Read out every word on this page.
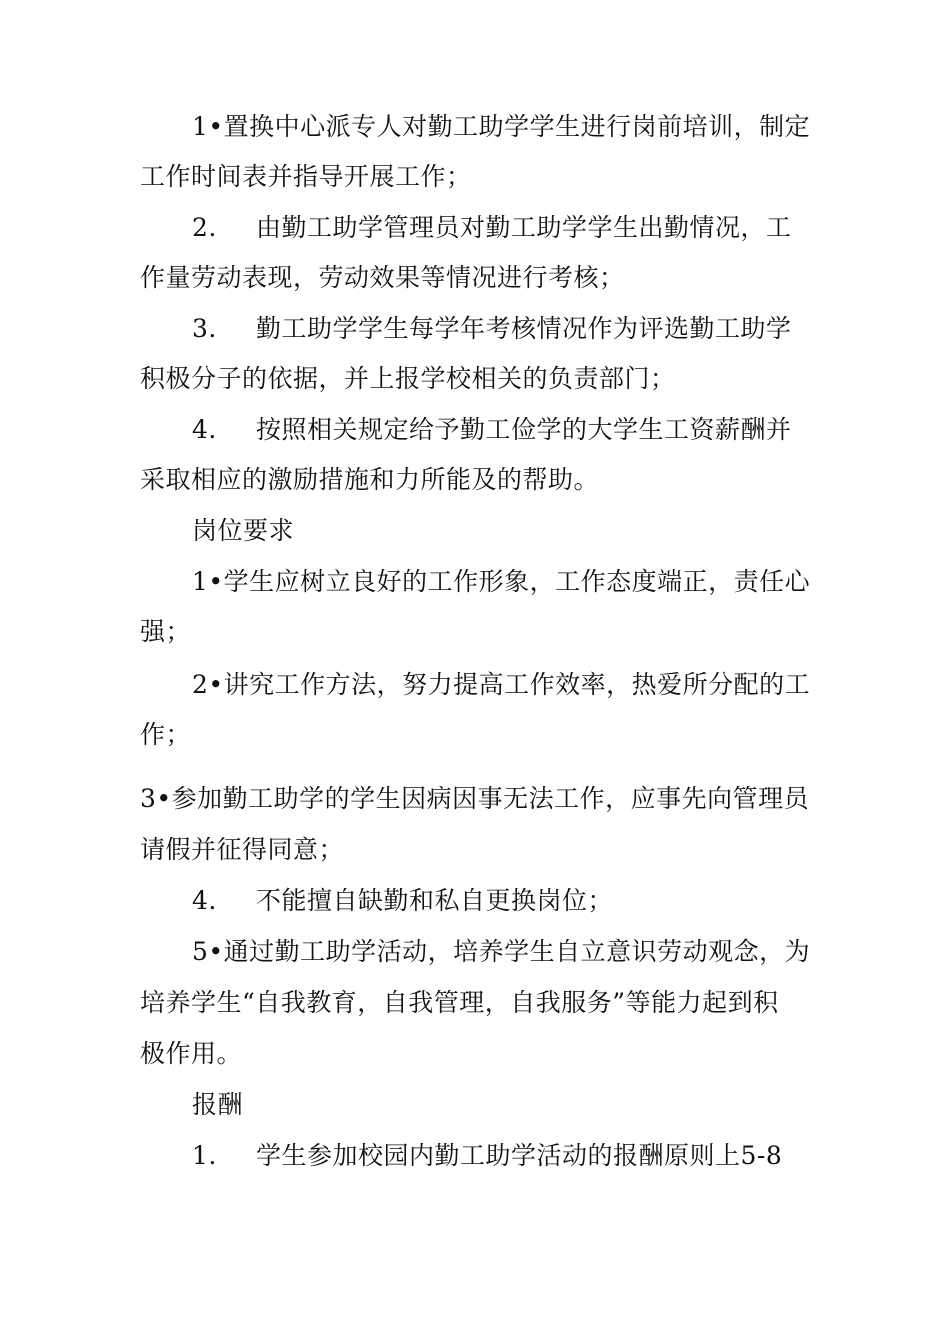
1•置换中心派专人对勤工助学学生进行岗前培训，制定
工作时间表并指导开展工作；
2. 由勤工助学管理员对勤工助学学生出勤情况，工
作量劳动表现，劳动效果等情况进行考核；
3. 勤工助学学生每学年考核情况作为评选勤工助学
积极分子的依据，并上报学校相关的负责部门；
4. 按照相关规定给予勤工俭学的大学生工资薪酬并
采取相应的激励措施和力所能及的帮助。
岗位要求
1•学生应树立良好的工作形象，工作态度端正，责任心
强；
2•讲究工作方法，努力提高工作效率，热爱所分配的工
作；
3•参加勤工助学的学生因病因事无法工作，应事先向管理员
请假并征得同意；
4. 不能擅自缺勤和私自更换岗位；
5•通过勤工助学活动，培养学生自立意识劳动观念，为
培养学生“自我教育，自我管理，自我服务”等能力起到积
极作用。
报酬
1. 学生参加校园内勤工助学活动的报酬原则上5-8
